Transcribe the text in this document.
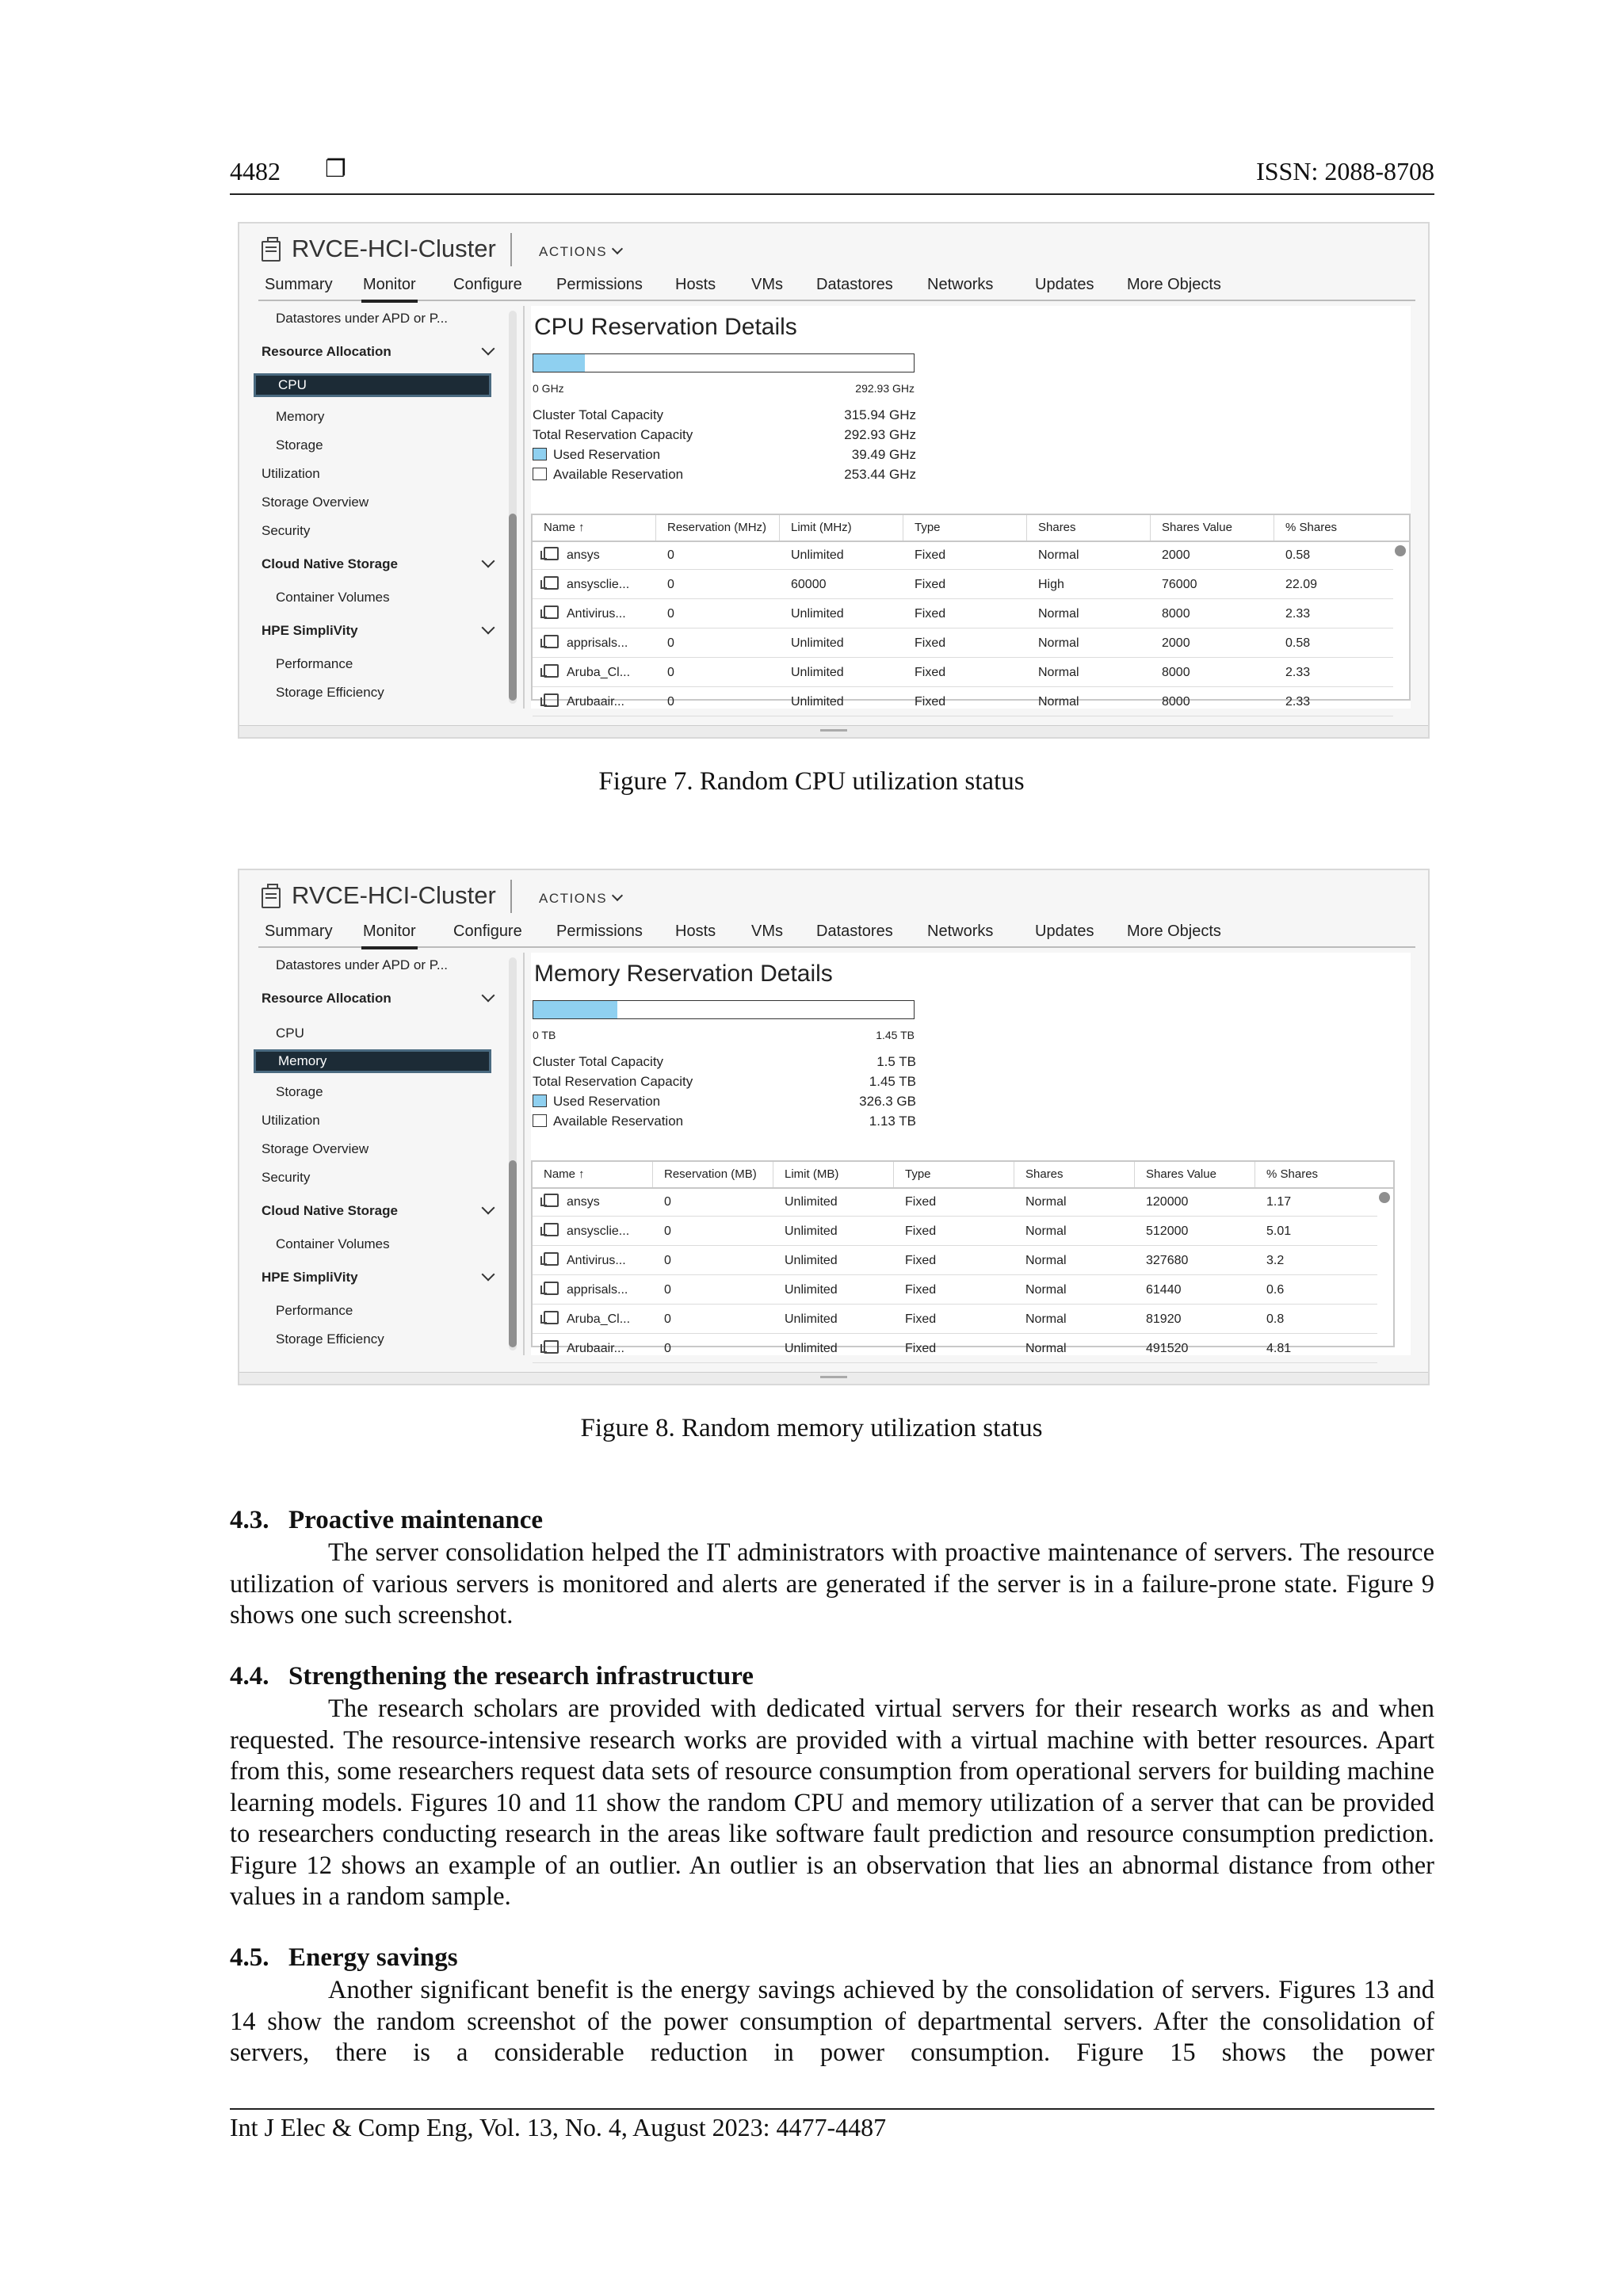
4482 ❐	ISSN: 2088-8708
RVCE-HCI-Cluster	ACTIONS
Summary Monitor Configure Permissions Hosts VMs Datastores Networks	Updates More Objects
Datastores under APD or P...
Resource Allocation
CPU
Memory
Storage
Utilization
Storage Overview
Security
Cloud Native Storage
Container Volumes
HPE SimpliVity
Performance
Storage Efficiency
CPU Reservation Details
0 GHz	292.93 GHz
Cluster Total Capacity	315.94 GHz
Total Reservation Capacity	292.93 GHz
Used Reservation	39.49 GHz
Available Reservation	253.44 GHz
Name ↑	Reservation (MHz)	Limit (MHz)	Type	Shares	Shares Value	% Shares
ansys	0	Unlimited	Fixed	Normal	2000	0.58
ansysclie...	0	60000	Fixed	High	76000	22.09
Antivirus...	0	Unlimited	Fixed	Normal	8000	2.33
apprisals...	0	Unlimited	Fixed	Normal	2000	0.58
Aruba_Cl...	0	Unlimited	Fixed	Normal	8000	2.33
Arubaair...	0	Unlimited	Fixed	Normal	8000	2.33
Figure 7. Random CPU utilization status
RVCE-HCI-Cluster	ACTIONS
Summary Monitor Configure Permissions Hosts VMs Datastores Networks	Updates More Objects
Datastores under APD or P...
Resource Allocation
CPU
Memory
Storage
Utilization
Storage Overview
Security
Cloud Native Storage
Container Volumes
HPE SimpliVity
Performance
Storage Efficiency
Memory Reservation Details
0 TB	1.45 TB
Cluster Total Capacity	1.5 TB
Total Reservation Capacity	1.45 TB
Used Reservation	326.3 GB
Available Reservation	1.13 TB
Name ↑	Reservation (MB)	Limit (MB)	Type	Shares	Shares Value	% Shares
ansys	0	Unlimited	Fixed	Normal	120000	1.17
ansysclie...	0	Unlimited	Fixed	Normal	512000	5.01
Antivirus...	0	Unlimited	Fixed	Normal	327680	3.2
apprisals...	0	Unlimited	Fixed	Normal	61440	0.6
Aruba_Cl...	0	Unlimited	Fixed	Normal	81920	0.8
Arubaair...	0	Unlimited	Fixed	Normal	491520	4.81
Figure 8. Random memory utilization status
4.3. Proactive maintenance
The server consolidation helped the IT administrators with proactive maintenance of servers. The resource utilization of various servers is monitored and alerts are generated if the server is in a failure-prone state. Figure 9 shows one such screenshot.
4.4. Strengthening the research infrastructure
The research scholars are provided with dedicated virtual servers for their research works as and when requested. The resource-intensive research works are provided with a virtual machine with better resources. Apart from this, some researchers request data sets of resource consumption from operational servers for building machine learning models. Figures 10 and 11 show the random CPU and memory utilization of a server that can be provided to researchers conducting research in the areas like software fault prediction and resource consumption prediction. Figure 12 shows an example of an outlier. An outlier is an observation that lies an abnormal distance from other values in a random sample.
4.5. Energy savings
Another significant benefit is the energy savings achieved by the consolidation of servers. Figures 13 and 14 show the random screenshot of the power consumption of departmental servers. After the consolidation of servers, there is a considerable reduction in power consumption. Figure 15 shows the power
Int J Elec & Comp Eng, Vol. 13, No. 4, August 2023: 4477-4487
